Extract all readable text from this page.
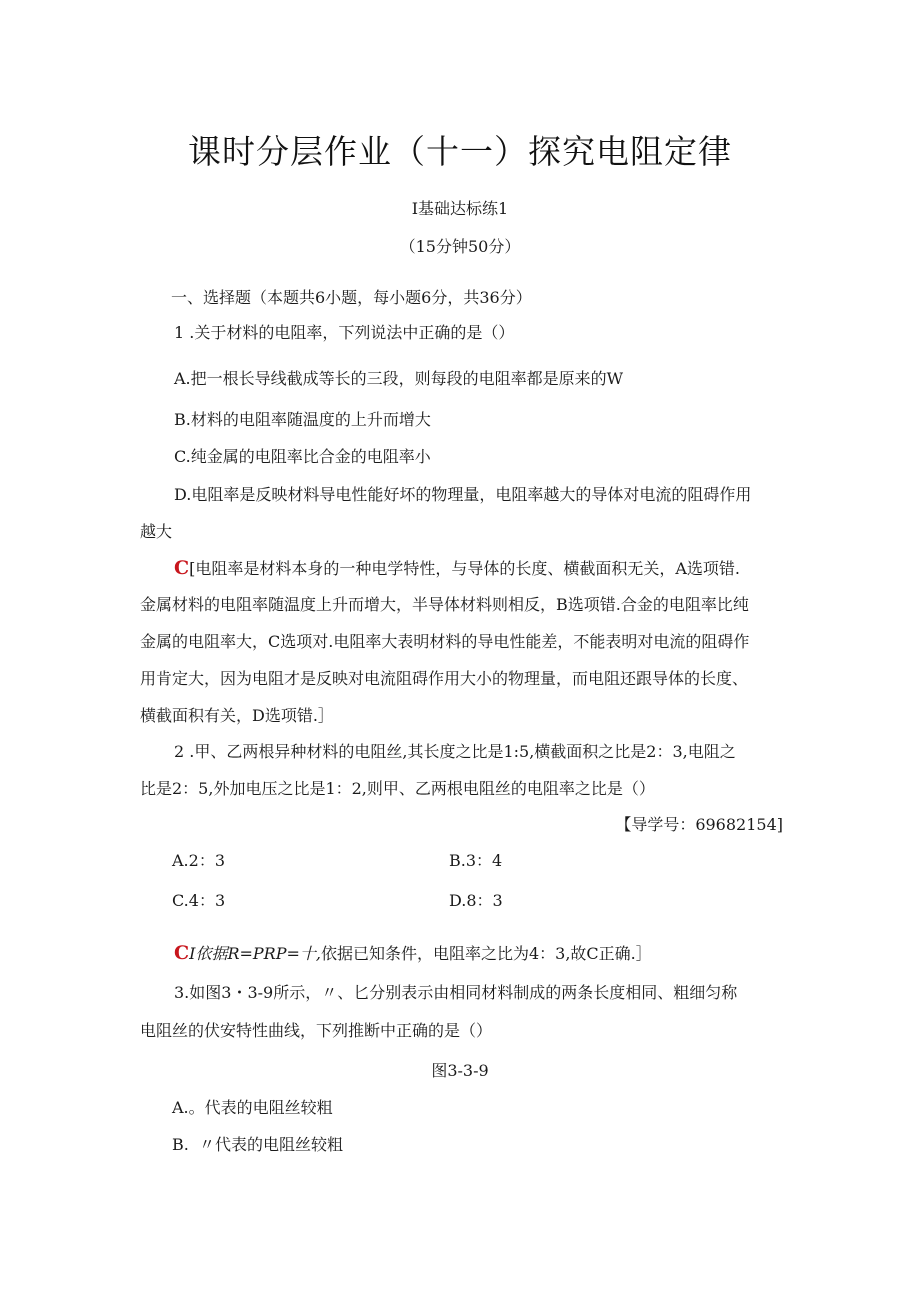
课时分层作业（十一）探究电阻定律
I基础达标练1
（15分钟50分）
一、选择题（本题共6小题，每小题6分，共36分）
1 .关于材料的电阻率，下列说法中正确的是（）
A.把一根长导线截成等长的三段，则每段的电阻率都是原来的W
B.材料的电阻率随温度的上升而增大
C.纯金属的电阻率比合金的电阻率小
D.电阻率是反映材料导电性能好坏的物理量，电阻率越大的导体对电流的阻碍作用
越大
C[电阻率是材料本身的一种电学特性，与导体的长度、横截面积无关，A选项错.
金属材料的电阻率随温度上升而增大，半导体材料则相反，B选项错.合金的电阻率比纯
金属的电阻率大，C选项对.电阻率大表明材料的导电性能差，不能表明对电流的阻碍作
用肯定大，因为电阻才是反映对电流阻碍作用大小的物理量，而电阻还跟导体的长度、
横截面积有关，D选项错.］
2 .甲、乙两根异种材料的电阻丝,其长度之比是1:5,横截面积之比是2：3,电阻之
比是2：5,外加电压之比是1：2,则甲、乙两根电阻丝的电阻率之比是（）
【导学号：69682154]
A.2：3	B.3：4
C.4：3	D.8：3
CI依据R=PRP=十,依据已知条件，电阻率之比为4：3,故C正确.］
3.如图3・3-9所示，〃、匕分别表示由相同材料制成的两条长度相同、粗细匀称
电阻丝的伏安特性曲线，下列推断中正确的是（）
图3-3-9
A.。代表的电阻丝较粗
B.  〃代表的电阻丝较粗
